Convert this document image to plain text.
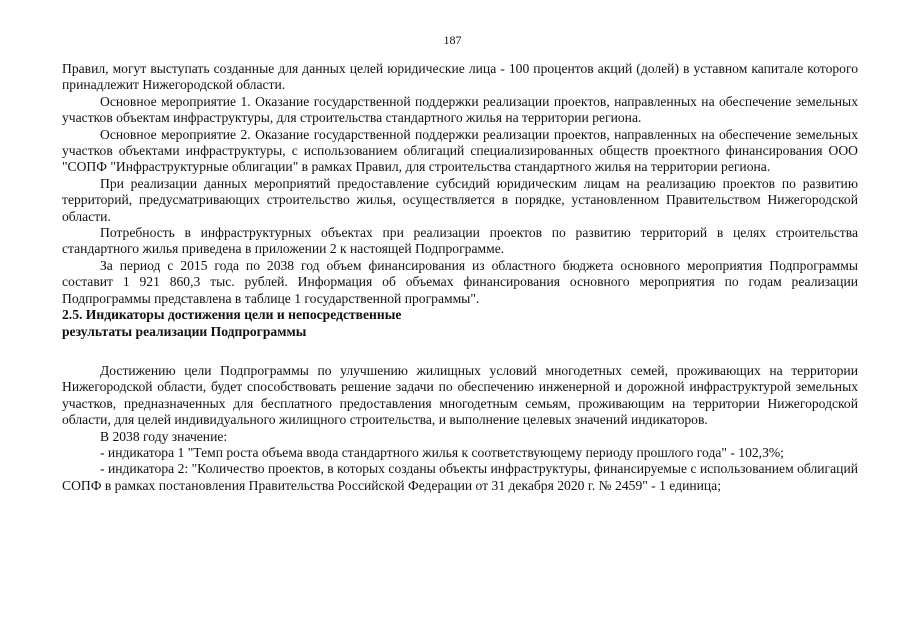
187

Правил, могут выступать созданные для данных целей юридические лица - 100 процентов акций (долей) в уставном капитале которого принадлежит Нижегородской области.

Основное мероприятие 1. Оказание государственной поддержки реализации проектов, направленных на обеспечение земельных участков объектам инфраструктуры, для строительства стандартного жилья на территории региона.

Основное мероприятие 2. Оказание государственной поддержки реализации проектов, направленных на обеспечение земельных участков объектами инфраструктуры, с использованием облигаций специализированных обществ проектного финансирования ООО "СОПФ "Инфраструктурные облигации" в рамках Правил, для строительства стандартного жилья на территории региона.

При реализации данных мероприятий предоставление субсидий юридическим лицам на реализацию проектов по развитию территорий, предусматривающих строительство жилья, осуществляется в порядке, установленном Правительством Нижегородской области.

Потребность в инфраструктурных объектах при реализации проектов по развитию территорий в целях строительства стандартного жилья приведена в приложении 2 к настоящей Подпрограмме.

За период с 2015 года по 2038 год объем финансирования из областного бюджета основного мероприятия Подпрограммы составит 1 921 860,3 тыс. рублей. Информация об объемах финансирования основного мероприятия по годам реализации Подпрограммы представлена в таблице 1 государственной программы".

2.5. Индикаторы достижения цели и непосредственные

результаты реализации Подпрограммы

Достижению цели Подпрограммы по улучшению жилищных условий многодетных семей, проживающих на территории Нижегородской области, будет способствовать решение задачи по обеспечению инженерной и дорожной инфраструктурой земельных участков, предназначенных для бесплатного предоставления многодетным семьям, проживающим на территории Нижегородской области, для целей индивидуального жилищного строительства, и выполнение целевых значений индикаторов.

В 2038 году значение:

- индикатора 1 "Темп роста объема ввода стандартного жилья к соответствующему периоду прошлого года" - 102,3%;

- индикатора 2: "Количество проектов, в которых созданы объекты инфраструктуры, финансируемые с использованием облигаций СОПФ в рамках постановления Правительства Российской Федерации от 31 декабря 2020 г. № 2459" - 1 единица;
